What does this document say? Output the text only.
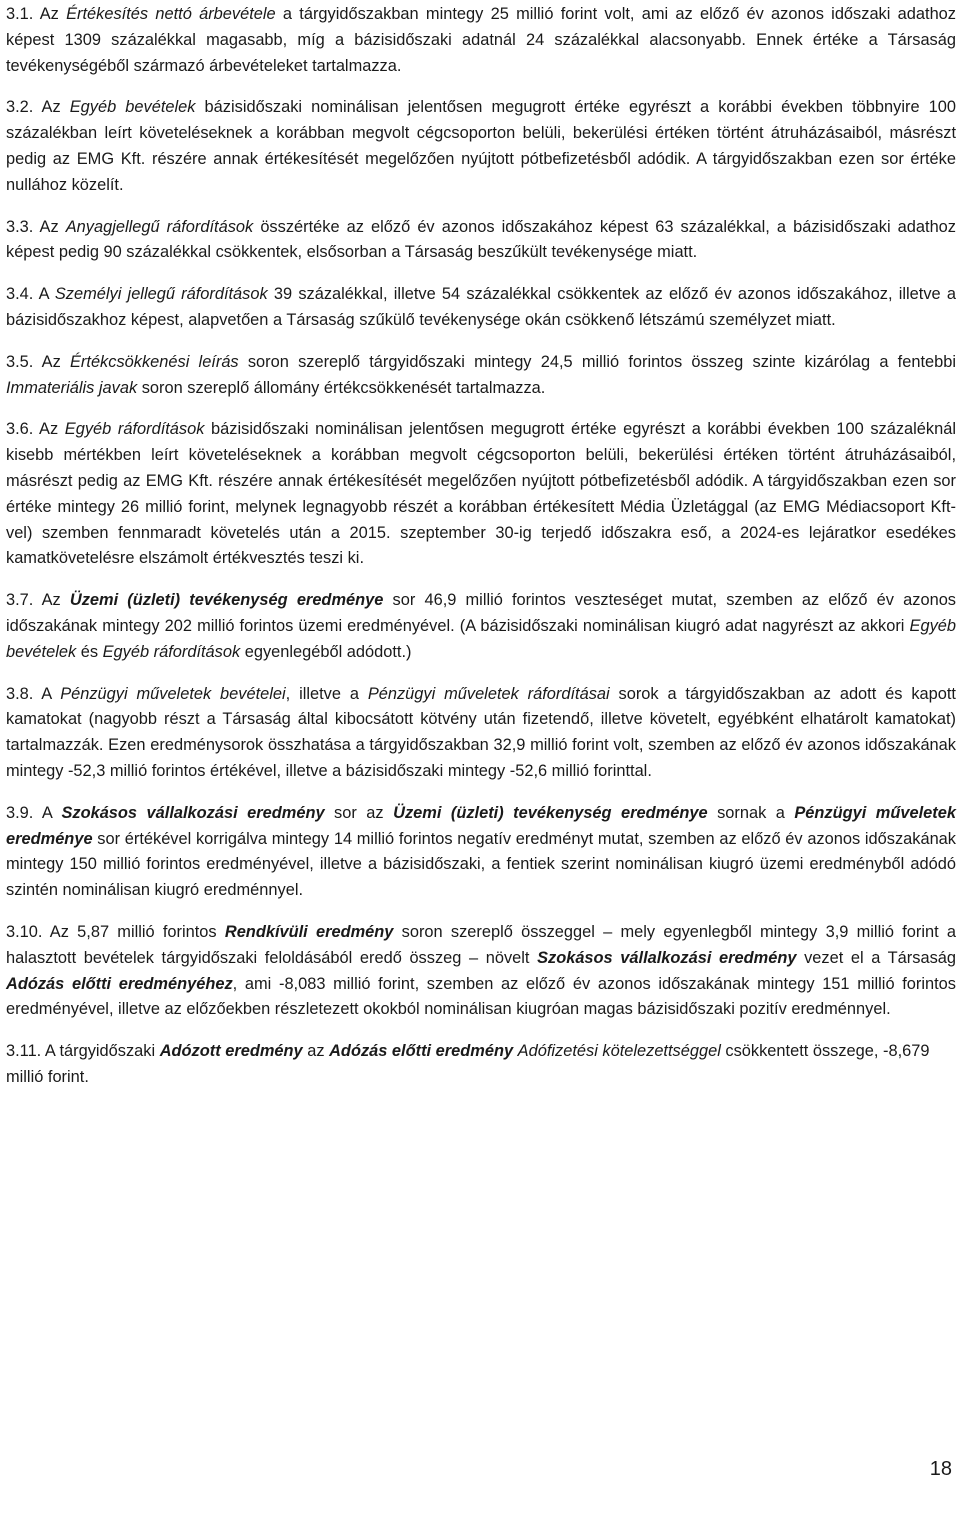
3.1. Az Értékesítés nettó árbevétele a tárgyidőszakban mintegy 25 millió forint volt, ami az előző év azonos időszaki adathoz képest 1309 százalékkal magasabb, míg a bázisidőszaki adatnál 24 százalékkal alacsonyabb. Ennek értéke a Társaság tevékenységéből származó árbevételeket tartalmazza.

3.2. Az Egyéb bevételek bázisidőszaki nominálisan jelentősen megugrott értéke egyrészt a korábbi években többnyire 100 százalékban leírt követeléseknek a korábban megvolt cégcsoporton belüli, bekerülési értéken történt átruházásaiból, másrészt pedig az EMG Kft. részére annak értékesítését megelőzően nyújtott pótbefizetésből adódik. A tárgyidőszakban ezen sor értéke nullához közelít.

3.3. Az Anyagjellegű ráfordítások összértéke az előző év azonos időszakához képest 63 százalékkal, a bázisidőszaki adathoz képest pedig 90 százalékkal csökkentek, elsősorban a Társaság beszűkült tevékenysége miatt.

3.4. A Személyi jellegű ráfordítások 39 százalékkal, illetve 54 százalékkal csökkentek az előző év azonos időszakához, illetve a bázisidőszakhoz képest, alapvetően a Társaság szűkülő tevékenysége okán csökkenő létszámú személyzet miatt.

3.5. Az Értékcsökkenési leírás soron szereplő tárgyidőszaki mintegy 24,5 millió forintos összeg szinte kizárólag a fentebbi Immateriális javak soron szereplő állomány értékcsökkenését tartalmazza.

3.6. Az Egyéb ráfordítások bázisidőszaki nominálisan jelentősen megugrott értéke egyrészt a korábbi években 100 százaléknál kisebb mértékben leírt követeléseknek a korábban megvolt cégcsoporton belüli, bekerülési értéken történt átruházásaiból, másrészt pedig az EMG Kft. részére annak értékesítését megelőzően nyújtott pótbefizetésből adódik. A tárgyidőszakban ezen sor értéke mintegy 26 millió forint, melynek legnagyobb részét a korábban értékesített Média Üzletággal (az EMG Médiacsoport Kft-vel) szemben fennmaradt követelés után a 2015. szeptember 30-ig terjedő időszakra eső, a 2024-es lejáratkor esedékes kamatkövetelésre elszámolt értékvesztés teszi ki.

3.7. Az Üzemi (üzleti) tevékenység eredménye sor 46,9 millió forintos veszteséget mutat, szemben az előző év azonos időszakának mintegy 202 millió forintos üzemi eredményével. (A bázisidőszaki nominálisan kiugró adat nagyrészt az akkori Egyéb bevételek és Egyéb ráfordítások egyenlegéből adódott.)

3.8. A Pénzügyi műveletek bevételei, illetve a Pénzügyi műveletek ráfordításai sorok a tárgyidőszakban az adott és kapott kamatokat (nagyobb részt a Társaság által kibocsátott kötvény után fizetendő, illetve követelt, egyébként elhatárolt kamatokat) tartalmazzák. Ezen eredménysorok összhatása a tárgyidőszakban 32,9 millió forint volt, szemben az előző év azonos időszakának mintegy -52,3 millió forintos értékével, illetve a bázisidőszaki mintegy -52,6 millió forinttal.

3.9. A Szokásos vállalkozási eredmény sor az Üzemi (üzleti) tevékenység eredménye sornak a Pénzügyi műveletek eredménye sor értékével korrigálva mintegy 14 millió forintos negatív eredményt mutat, szemben az előző év azonos időszakának mintegy 150 millió forintos eredményével, illetve a bázisidőszaki, a fentiek szerint nominálisan kiugró üzemi eredményből adódó szintén nominálisan kiugró eredménnyel.

3.10. Az 5,87 millió forintos Rendkívüli eredmény soron szereplő összeggel – mely egyenlegből mintegy 3,9 millió forint a halasztott bevételek tárgyidőszaki feloldásából eredő összeg – növelt Szokásos vállalkozási eredmény vezet el a Társaság Adózás előtti eredményéhez, ami -8,083 millió forint, szemben az előző év azonos időszakának mintegy 151 millió forintos eredményével, illetve az előzőekben részletezett okokból nominálisan kiugróan magas bázisidőszaki pozitív eredménnyel.

3.11. A tárgyidőszaki Adózott eredmény az Adózás előtti eredmény Adófizetési kötelezettséggel csökkentett összege, -8,679 millió forint.

18
